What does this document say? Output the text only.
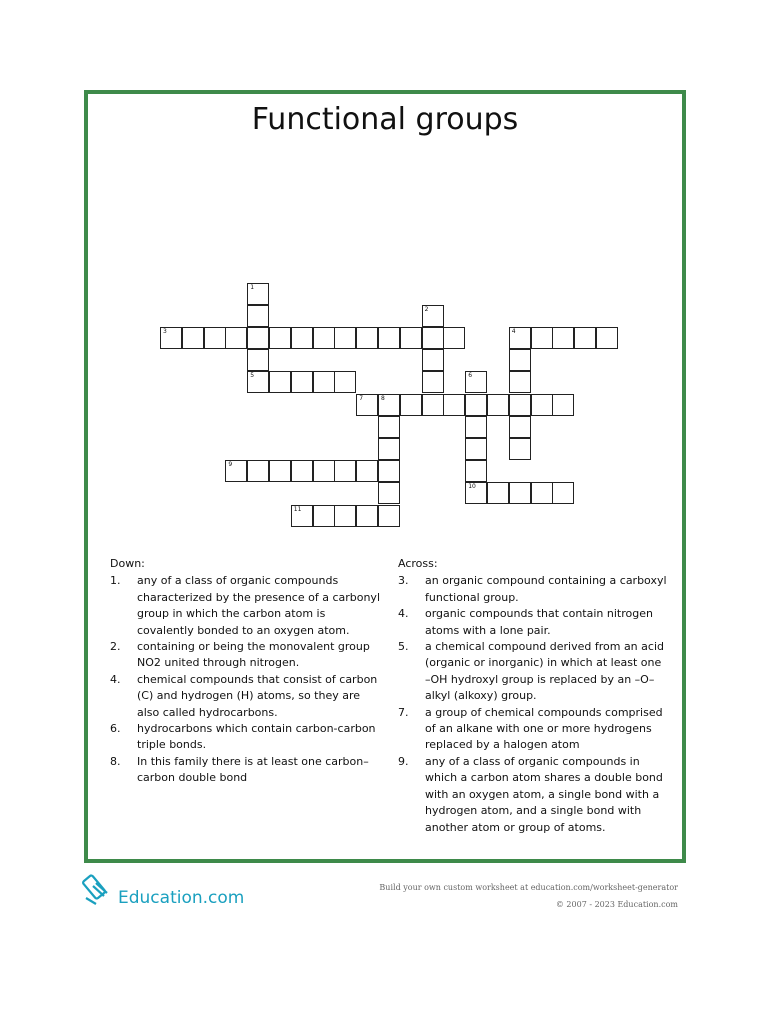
Functional groups
3	4
5
7	8
9
10
11
1
2
6
Down:
1.	any of a class of organic compounds characterized by the presence of a carbonyl group in which the carbon atom is covalently bonded to an oxygen atom.
2.	containing or being the monovalent group NO2 united through nitrogen.
4.	chemical compounds that consist of carbon (C) and hydrogen (H) atoms, so they are also called hydrocarbons.
6.	hydrocarbons which contain carbon-carbon triple bonds.
8.	In this family there is at least one carbon–carbon double bond
Across:
3.	an organic compound containing a carboxyl functional group.
4.	organic compounds that contain nitrogen atoms with a lone pair.
5.	a chemical compound derived from an acid (organic or inorganic) in which at least one –OH hydroxyl group is replaced by an –O–alkyl (alkoxy) group.
7.	a group of chemical compounds comprised of an alkane with one or more hydrogens replaced by a halogen atom
9.	any of a class of organic compounds in which a carbon atom shares a double bond with an oxygen atom, a single bond with a hydrogen atom, and a single bond with another atom or group of atoms.
Education.com
Build your own custom worksheet at education.com/worksheet-generator
© 2007 - 2023 Education.com
